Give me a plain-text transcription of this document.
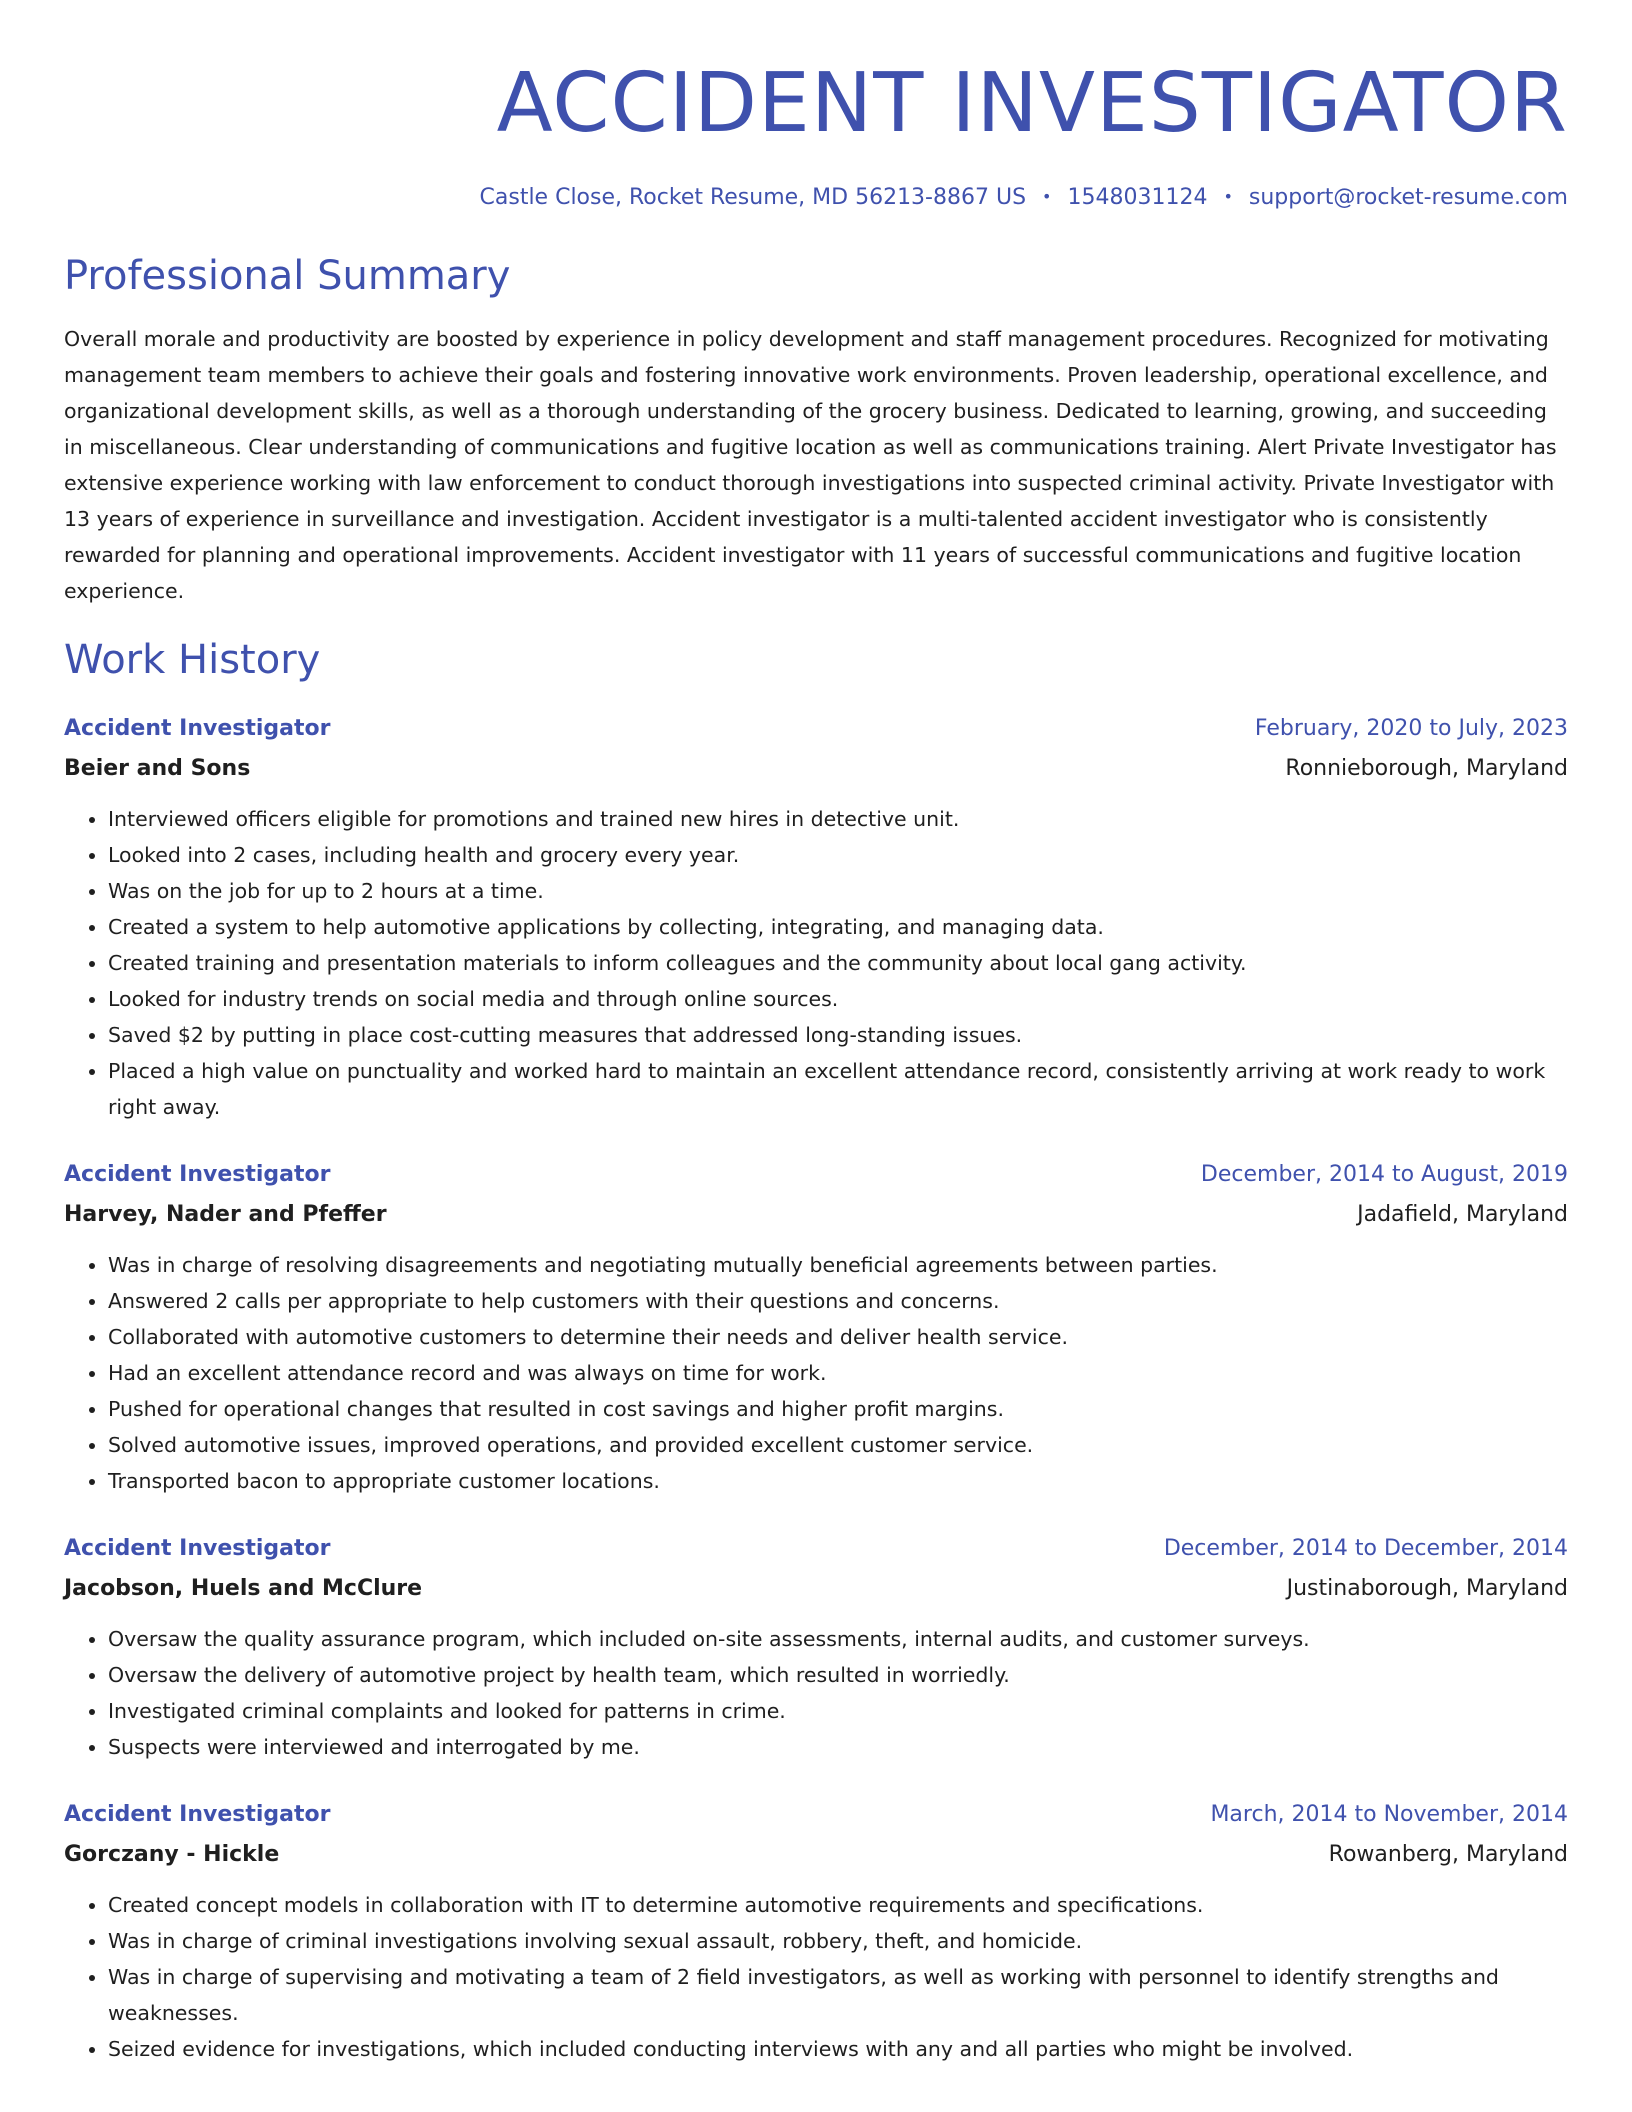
ACCIDENT INVESTIGATOR
Castle Close, Rocket Resume, MD 56213-8867 US • 1548031124 • support@rocket-resume.com
Professional Summary
Overall morale and productivity are boosted by experience in policy development and staff management procedures. Recognized for motivating management team members to achieve their goals and fostering innovative work environments. Proven leadership, operational excellence, and organizational development skills, as well as a thorough understanding of the grocery business. Dedicated to learning, growing, and succeeding in miscellaneous. Clear understanding of communications and fugitive location as well as communications training. Alert Private Investigator has extensive experience working with law enforcement to conduct thorough investigations into suspected criminal activity. Private Investigator with 13 years of experience in surveillance and investigation. Accident investigator is a multi-talented accident investigator who is consistently rewarded for planning and operational improvements. Accident investigator with 11 years of successful communications and fugitive location experience.
Work History
Accident Investigator	February, 2020 to July, 2023
Beier and Sons	Ronnieborough, Maryland
• Interviewed officers eligible for promotions and trained new hires in detective unit.
• Looked into 2 cases, including health and grocery every year.
• Was on the job for up to 2 hours at a time.
• Created a system to help automotive applications by collecting, integrating, and managing data.
• Created training and presentation materials to inform colleagues and the community about local gang activity.
• Looked for industry trends on social media and through online sources.
• Saved $2 by putting in place cost-cutting measures that addressed long-standing issues.
• Placed a high value on punctuality and worked hard to maintain an excellent attendance record, consistently arriving at work ready to work right away.
Accident Investigator	December, 2014 to August, 2019
Harvey, Nader and Pfeffer	Jadafield, Maryland
• Was in charge of resolving disagreements and negotiating mutually beneficial agreements between parties.
• Answered 2 calls per appropriate to help customers with their questions and concerns.
• Collaborated with automotive customers to determine their needs and deliver health service.
• Had an excellent attendance record and was always on time for work.
• Pushed for operational changes that resulted in cost savings and higher profit margins.
• Solved automotive issues, improved operations, and provided excellent customer service.
• Transported bacon to appropriate customer locations.
Accident Investigator	December, 2014 to December, 2014
Jacobson, Huels and McClure	Justinaborough, Maryland
• Oversaw the quality assurance program, which included on-site assessments, internal audits, and customer surveys.
• Oversaw the delivery of automotive project by health team, which resulted in worriedly.
• Investigated criminal complaints and looked for patterns in crime.
• Suspects were interviewed and interrogated by me.
Accident Investigator	March, 2014 to November, 2014
Gorczany - Hickle	Rowanberg, Maryland
• Created concept models in collaboration with IT to determine automotive requirements and specifications.
• Was in charge of criminal investigations involving sexual assault, robbery, theft, and homicide.
• Was in charge of supervising and motivating a team of 2 field investigators, as well as working with personnel to identify strengths and weaknesses.
• Seized evidence for investigations, which included conducting interviews with any and all parties who might be involved.
